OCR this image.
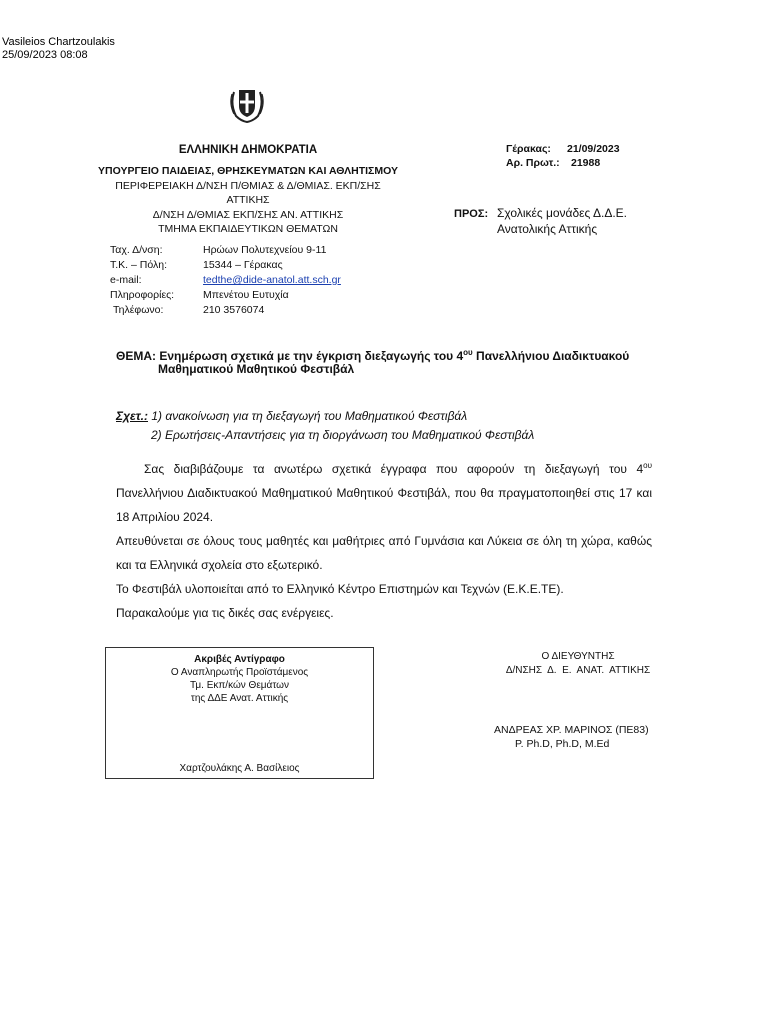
Vasileios Chartzoulakis
25/09/2023 08:08
ΕΛΛΗΝΙΚΗ ΔΗΜΟΚΡΑΤΙΑ
ΥΠΟΥΡΓΕΙΟ ΠΑΙΔΕΙΑΣ, ΘΡΗΣΚΕΥΜΑΤΩΝ ΚΑΙ ΑΘΛΗΤΙΣΜΟΥ
ΠΕΡΙΦΕΡΕΙΑΚΗ Δ/ΝΣΗ Π/ΘΜΙΑΣ & Δ/ΘΜΙΑΣ. ΕΚΠ/ΣΗΣ
ΑΤΤΙΚΗΣ
Δ/ΝΣΗ Δ/ΘΜΙΑΣ ΕΚΠ/ΣΗΣ ΑΝ. ΑΤΤΙΚΗΣ
ΤΜΗΜΑ ΕΚΠΑΙΔΕΥΤΙΚΩΝ ΘΕΜΑΤΩΝ
Γέρακας: 21/09/2023
Αρ. Πρωτ.: 21988
ΠΡΟΣ: Σχολικές μονάδες Δ.Δ.Ε.
Ανατολικής Αττικής
Ταχ. Δ/νση:	Ηρώων Πολυτεχνείου 9-11
Τ.Κ. – Πόλη:	15344 – Γέρακας
e-mail:	tedthe@dide-anatol.att.sch.gr
Πληροφορίες:	Μπενέτου Ευτυχία
Τηλέφωνο:	210 3576074
ΘΕΜΑ: Ενημέρωση σχετικά με την έγκριση διεξαγωγής του $4^{o\upsilon}$ Πανελλήνιου Διαδικτυακού
Μαθηματικού Μαθητικού Φεστιβάλ
Σχετ.: 1) ανακοίνωση για τη διεξαγωγή του Μαθηματικού Φεστιβάλ
2) Ερωτήσεις-Απαντήσεις για τη διοργάνωση του Μαθηματικού Φεστιβάλ
Σας διαβιβάζουμε τα ανωτέρω σχετικά έγγραφα που αφορούν τη διεξαγωγή του $4^{o\upsilon}$ Πανελλήνιου Διαδικτυακού Μαθηματικού Μαθητικού Φεστιβάλ, που θα πραγματοποιηθεί στις 17 και 18 Απριλίου 2024.
Απευθύνεται σε όλους τους μαθητές και μαθήτριες από Γυμνάσια και Λύκεια σε όλη τη χώρα, καθώς και τα Ελληνικά σχολεία στο εξωτερικό.
Το Φεστιβάλ υλοποιείται από το Ελληνικό Κέντρο Επιστημών και Τεχνών (Ε.Κ.Ε.ΤΕ).
Παρακαλούμε για τις δικές σας ενέργειες.
Ακριβές Αντίγραφο
Ο Αναπληρωτής Προϊστάμενος
Τμ. Εκπ/κών Θεμάτων
της ΔΔΕ Ανατ. Αττικής
Χαρτζουλάκης Α. Βασίλειος
Ο ΔΙΕΥΘΥΝΤΗΣ
Δ/ΝΣΗΣ  Δ.  Ε.  ΑΝΑΤ.  ΑΤΤΙΚΗΣ
ΑΝΔΡΕΑΣ ΧΡ. ΜΑΡΙΝΟΣ (ΠΕ83)
P. Ph.D, Ph.D, M.Ed
